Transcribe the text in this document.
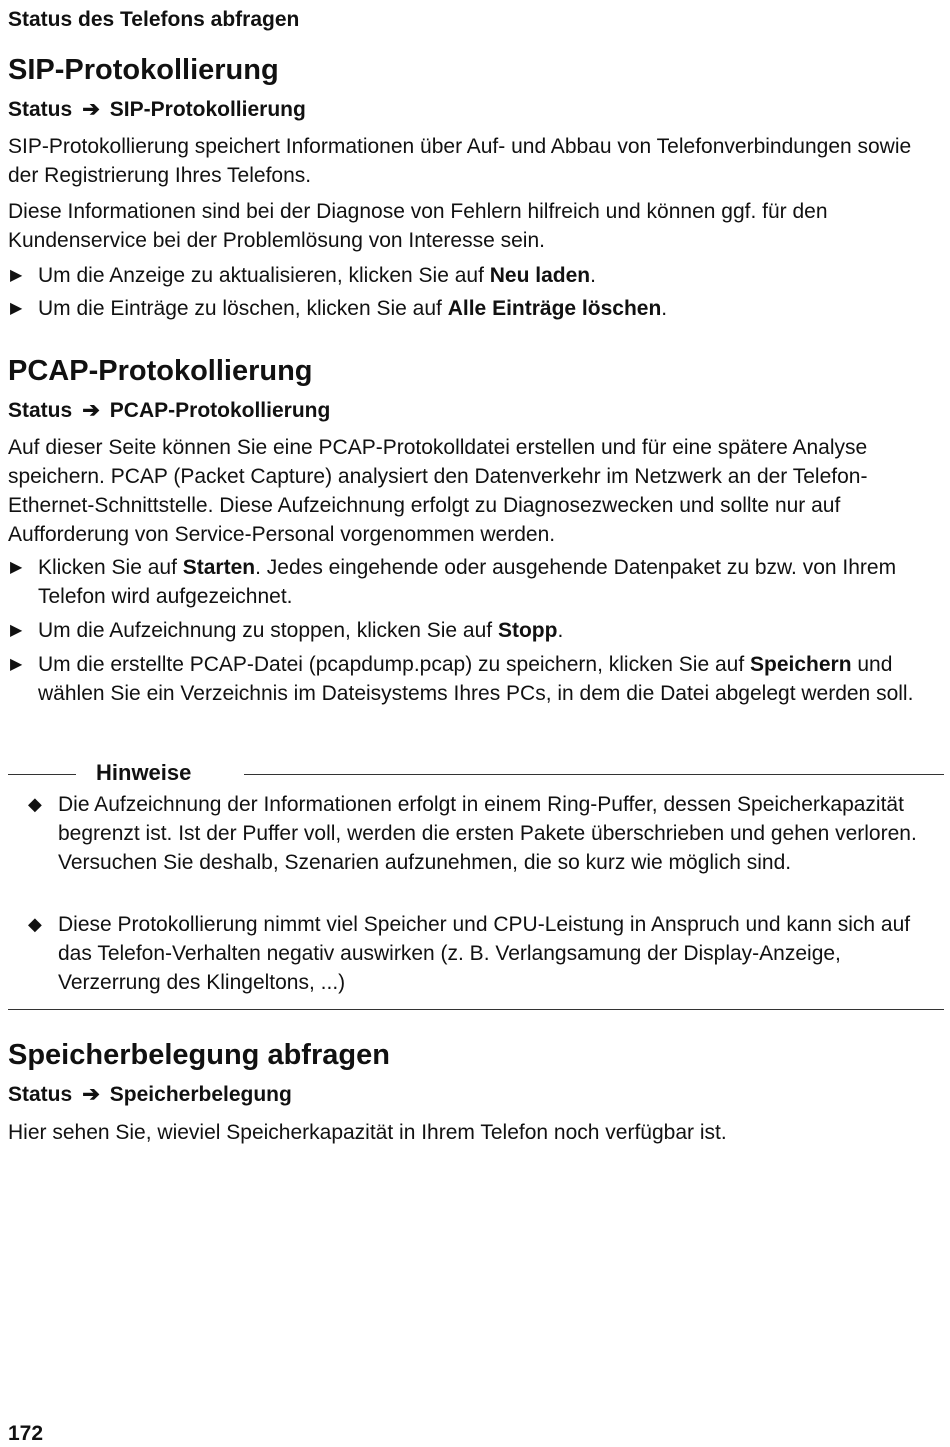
Status des Telefons abfragen
SIP-Protokollierung
Status ➔ SIP-Protokollierung
SIP-Protokollierung speichert Informationen über Auf- und Abbau von Telefonverbindungen sowie der Registrierung Ihres Telefons.
Diese Informationen sind bei der Diagnose von Fehlern hilfreich und können ggf. für den Kundenservice bei der Problemlösung von Interesse sein.
▶ Um die Anzeige zu aktualisieren, klicken Sie auf Neu laden.
▶ Um die Einträge zu löschen, klicken Sie auf Alle Einträge löschen.
PCAP-Protokollierung
Status ➔ PCAP-Protokollierung
Auf dieser Seite können Sie eine PCAP-Protokolldatei erstellen und für eine spätere Analyse speichern. PCAP (Packet Capture) analysiert den Datenverkehr im Netzwerk an der Telefon-Ethernet-Schnittstelle. Diese Aufzeichnung erfolgt zu Diagnosezwecken und sollte nur auf Aufforderung von Service-Personal vorgenommen werden.
▶ Klicken Sie auf Starten. Jedes eingehende oder ausgehende Datenpaket zu bzw. von Ihrem Telefon wird aufgezeichnet.
▶ Um die Aufzeichnung zu stoppen, klicken Sie auf Stopp.
▶ Um die erstellte PCAP-Datei (pcapdump.pcap) zu speichern, klicken Sie auf Speichern und wählen Sie ein Verzeichnis im Dateisystems Ihres PCs, in dem die Datei abgelegt werden soll.
Hinweise
◆ Die Aufzeichnung der Informationen erfolgt in einem Ring-Puffer, dessen Speicherkapazität begrenzt ist. Ist der Puffer voll, werden die ersten Pakete überschrieben und gehen verloren. Versuchen Sie deshalb, Szenarien aufzunehmen, die so kurz wie möglich sind.
◆ Diese Protokollierung nimmt viel Speicher und CPU-Leistung in Anspruch und kann sich auf das Telefon-Verhalten negativ auswirken (z. B. Verlangsamung der Display-Anzeige, Verzerrung des Klingeltons, ...)
Speicherbelegung abfragen
Status ➔ Speicherbelegung
Hier sehen Sie, wieviel Speicherkapazität in Ihrem Telefon noch verfügbar ist.
172
